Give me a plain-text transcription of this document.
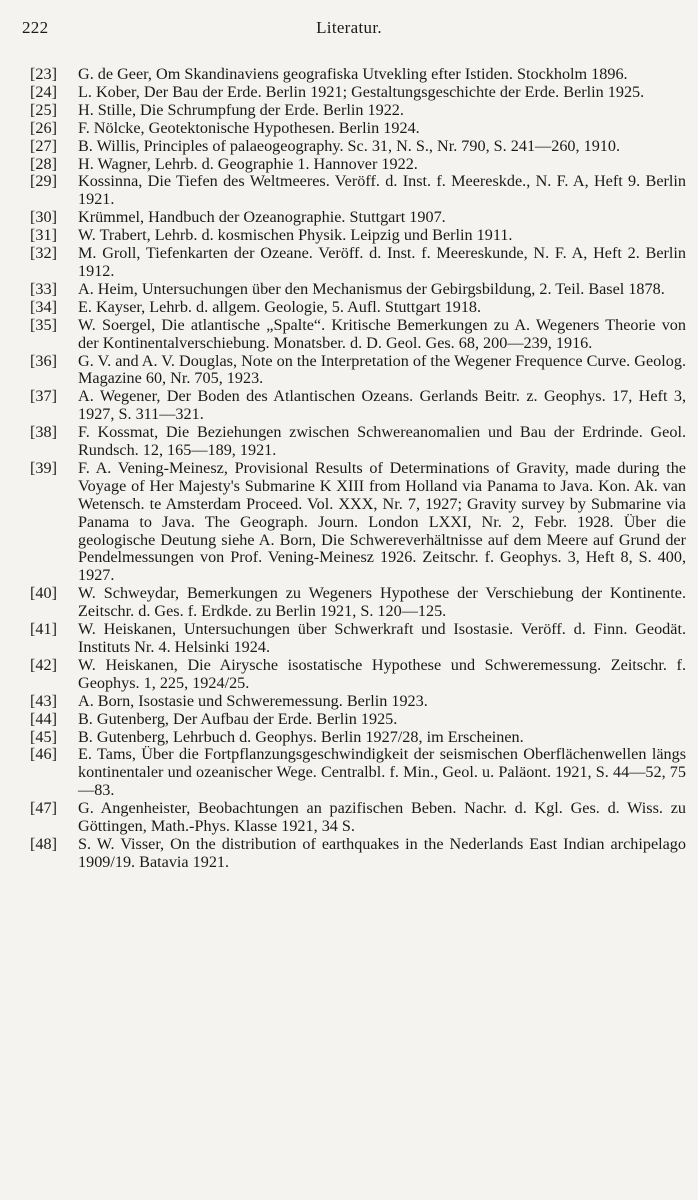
222	Literatur.
[23]	G. de Geer, Om Skandinaviens geografiska Utvekling efter Istiden. Stockholm 1896.
[24]	L. Kober, Der Bau der Erde. Berlin 1921; Gestaltungsgeschichte der Erde. Berlin 1925.
[25]	H. Stille, Die Schrumpfung der Erde. Berlin 1922.
[26]	F. Nölcke, Geotektonische Hypothesen. Berlin 1924.
[27]	B. Willis, Principles of palaeogeography. Sc. 31, N. S., Nr. 790, S. 241—260, 1910.
[28]	H. Wagner, Lehrb. d. Geographie 1. Hannover 1922.
[29]	Kossinna, Die Tiefen des Weltmeeres. Veröff. d. Inst. f. Meereskde., N. F. A, Heft 9. Berlin 1921.
[30]	Krümmel, Handbuch der Ozeanographie. Stuttgart 1907.
[31]	W. Trabert, Lehrb. d. kosmischen Physik. Leipzig und Berlin 1911.
[32]	M. Groll, Tiefenkarten der Ozeane. Veröff. d. Inst. f. Meereskunde, N. F. A, Heft 2. Berlin 1912.
[33]	A. Heim, Untersuchungen über den Mechanismus der Gebirgsbildung, 2. Teil. Basel 1878.
[34]	E. Kayser, Lehrb. d. allgem. Geologie, 5. Aufl. Stuttgart 1918.
[35]	W. Soergel, Die atlantische „Spalte“. Kritische Bemerkungen zu A. Wegeners Theorie von der Kontinentalverschiebung. Monatsber. d. D. Geol. Ges. 68, 200—239, 1916.
[36]	G. V. and A. V. Douglas, Note on the Interpretation of the Wegener Frequence Curve. Geolog. Magazine 60, Nr. 705, 1923.
[37]	A. Wegener, Der Boden des Atlantischen Ozeans. Gerlands Beitr. z. Geophys. 17, Heft 3, 1927, S. 311—321.
[38]	F. Kossmat, Die Beziehungen zwischen Schwereanomalien und Bau der Erdrinde. Geol. Rundsch. 12, 165—189, 1921.
[39]	F. A. Vening-Meinesz, Provisional Results of Determinations of Gravity, made during the Voyage of Her Majesty's Submarine K XIII from Holland via Panama to Java. Kon. Ak. van Wetensch. te Amsterdam Proceed. Vol. XXX, Nr. 7, 1927; Gravity survey by Submarine via Panama to Java. The Geograph. Journ. London LXXI, Nr. 2, Febr. 1928. Über die geologische Deutung siehe A. Born, Die Schwereverhältnisse auf dem Meere auf Grund der Pendelmessungen von Prof. Vening-Meinesz 1926. Zeitschr. f. Geophys. 3, Heft 8, S. 400, 1927.
[40]	W. Schweydar, Bemerkungen zu Wegeners Hypothese der Verschiebung der Kontinente. Zeitschr. d. Ges. f. Erdkde. zu Berlin 1921, S. 120—125.
[41]	W. Heiskanen, Untersuchungen über Schwerkraft und Isostasie. Veröff. d. Finn. Geodät. Instituts Nr. 4. Helsinki 1924.
[42]	W. Heiskanen, Die Airysche isostatische Hypothese und Schweremessung. Zeitschr. f. Geophys. 1, 225, 1924/25.
[43]	A. Born, Isostasie und Schweremessung. Berlin 1923.
[44]	B. Gutenberg, Der Aufbau der Erde. Berlin 1925.
[45]	B. Gutenberg, Lehrbuch d. Geophys. Berlin 1927/28, im Erscheinen.
[46]	E. Tams, Über die Fortpflanzungsgeschwindigkeit der seismischen Oberflächenwellen längs kontinentaler und ozeanischer Wege. Centralbl. f. Min., Geol. u. Paläont. 1921, S. 44—52, 75—83.
[47]	G. Angenheister, Beobachtungen an pazifischen Beben. Nachr. d. Kgl. Ges. d. Wiss. zu Göttingen, Math.-Phys. Klasse 1921, 34 S.
[48]	S. W. Visser, On the distribution of earthquakes in the Nederlands East Indian archipelago 1909/19. Batavia 1921.
